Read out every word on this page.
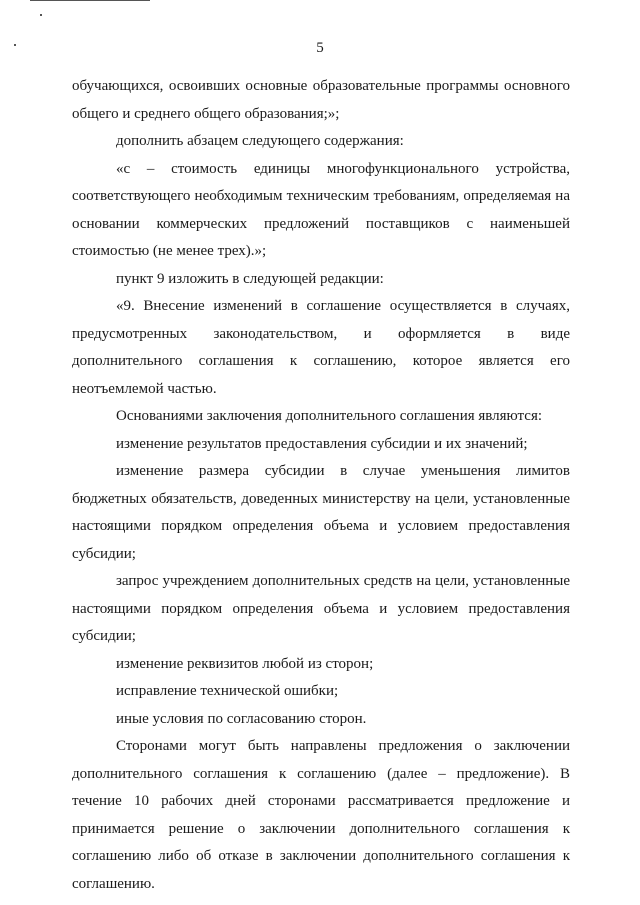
5

обучающихся, освоивших основные образовательные программы основного общего и среднего общего образования;»;

дополнить абзацем следующего содержания:

«с – стоимость единицы многофункционального устройства, соответствующего необходимым техническим требованиям, определяемая на основании коммерческих предложений поставщиков с наименьшей стоимостью (не менее трех).»;

пункт 9 изложить в следующей редакции:

«9. Внесение изменений в соглашение осуществляется в случаях, предусмотренных законодательством, и оформляется в виде дополнительного соглашения к соглашению, которое является его неотъемлемой частью.

Основаниями заключения дополнительного соглашения являются:

изменение результатов предоставления субсидии и их значений;

изменение размера субсидии в случае уменьшения лимитов бюджетных обязательств, доведенных министерству на цели, установленные настоящими порядком определения объема и условием предоставления субсидии;

запрос учреждением дополнительных средств на цели, установленные настоящими порядком определения объема и условием предоставления субсидии;

изменение реквизитов любой из сторон;

исправление технической ошибки;

иные условия по согласованию сторон.

Сторонами могут быть направлены предложения о заключении дополнительного соглашения к соглашению (далее – предложение). В течение 10 рабочих дней сторонами рассматривается предложение и принимается решение о заключении дополнительного соглашения к соглашению либо об отказе в заключении дополнительного соглашения к соглашению.
